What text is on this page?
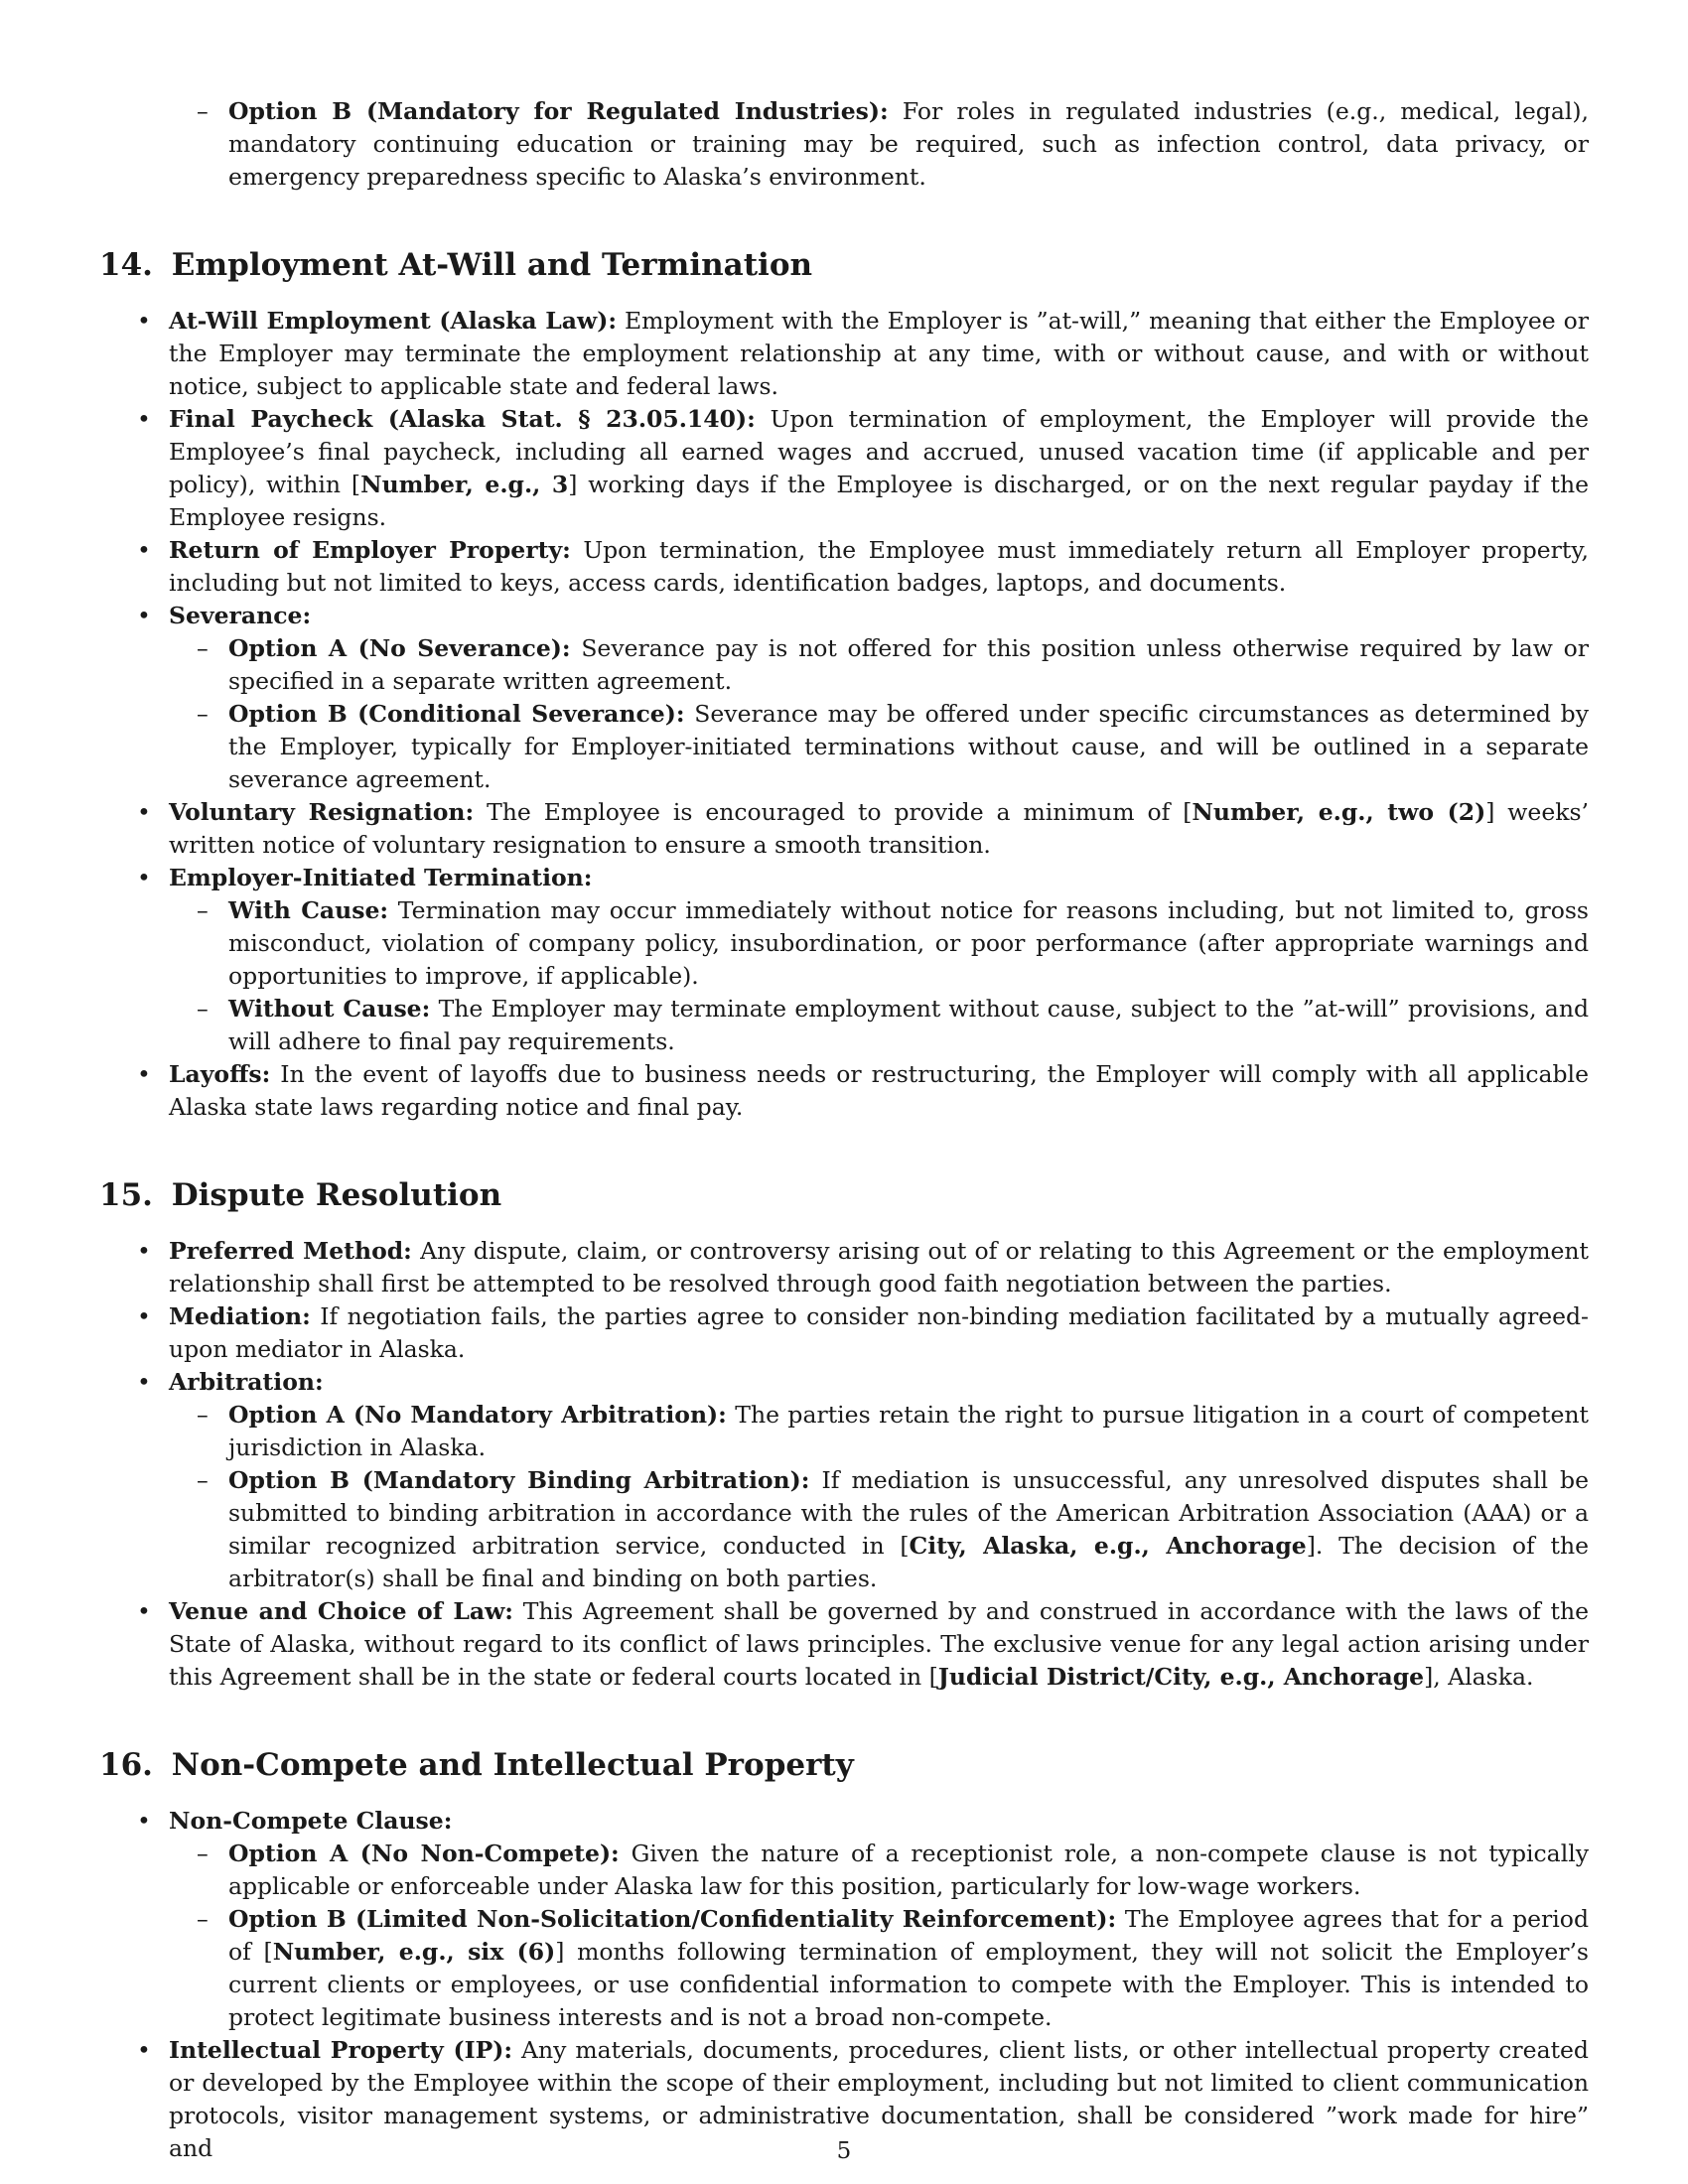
– Option B (Mandatory for Regulated Industries): For roles in regulated industries (e.g., medical, legal), mandatory continuing education or training may be required, such as infection control, data privacy, or emergency preparedness specific to Alaska’s environment.
14. Employment At-Will and Termination
• At-Will Employment (Alaska Law): Employment with the Employer is ”at-will,” meaning that either the Employee or the Employer may terminate the employment relationship at any time, with or without cause, and with or without notice, subject to applicable state and federal laws.
• Final Paycheck (Alaska Stat. § 23.05.140): Upon termination of employment, the Employer will provide the Employee’s final paycheck, including all earned wages and accrued, unused vacation time (if applicable and per policy), within [Number, e.g., 3] working days if the Employee is discharged, or on the next regular payday if the Employee resigns.
• Return of Employer Property: Upon termination, the Employee must immediately return all Employer property, including but not limited to keys, access cards, identification badges, laptops, and documents.
• Severance:
– Option A (No Severance): Severance pay is not offered for this position unless otherwise required by law or specified in a separate written agreement.
– Option B (Conditional Severance): Severance may be offered under specific circumstances as determined by the Employer, typically for Employer-initiated terminations without cause, and will be outlined in a separate severance agreement.
• Voluntary Resignation: The Employee is encouraged to provide a minimum of [Number, e.g., two (2)] weeks’ written notice of voluntary resignation to ensure a smooth transition.
• Employer-Initiated Termination:
– With Cause: Termination may occur immediately without notice for reasons including, but not limited to, gross misconduct, violation of company policy, insubordination, or poor performance (after appropriate warnings and opportunities to improve, if applicable).
– Without Cause: The Employer may terminate employment without cause, subject to the ”at-will” provisions, and will adhere to final pay requirements.
• Layoffs: In the event of layoffs due to business needs or restructuring, the Employer will comply with all applicable Alaska state laws regarding notice and final pay.
15. Dispute Resolution
• Preferred Method: Any dispute, claim, or controversy arising out of or relating to this Agreement or the employment relationship shall first be attempted to be resolved through good faith negotiation between the parties.
• Mediation: If negotiation fails, the parties agree to consider non-binding mediation facilitated by a mutually agreed-upon mediator in Alaska.
• Arbitration:
– Option A (No Mandatory Arbitration): The parties retain the right to pursue litigation in a court of competent jurisdiction in Alaska.
– Option B (Mandatory Binding Arbitration): If mediation is unsuccessful, any unresolved disputes shall be submitted to binding arbitration in accordance with the rules of the American Arbitration Association (AAA) or a similar recognized arbitration service, conducted in [City, Alaska, e.g., Anchorage]. The decision of the arbitrator(s) shall be final and binding on both parties.
• Venue and Choice of Law: This Agreement shall be governed by and construed in accordance with the laws of the State of Alaska, without regard to its conflict of laws principles. The exclusive venue for any legal action arising under this Agreement shall be in the state or federal courts located in [Judicial District/City, e.g., Anchorage], Alaska.
16. Non-Compete and Intellectual Property
• Non-Compete Clause:
– Option A (No Non-Compete): Given the nature of a receptionist role, a non-compete clause is not typically applicable or enforceable under Alaska law for this position, particularly for low-wage workers.
– Option B (Limited Non-Solicitation/Confidentiality Reinforcement): The Employee agrees that for a period of [Number, e.g., six (6)] months following termination of employment, they will not solicit the Employer’s current clients or employees, or use confidential information to compete with the Employer. This is intended to protect legitimate business interests and is not a broad non-compete.
• Intellectual Property (IP): Any materials, documents, procedures, client lists, or other intellectual property created or developed by the Employee within the scope of their employment, including but not limited to client communication protocols, visitor management systems, or administrative documentation, shall be considered ”work made for hire” and	5
